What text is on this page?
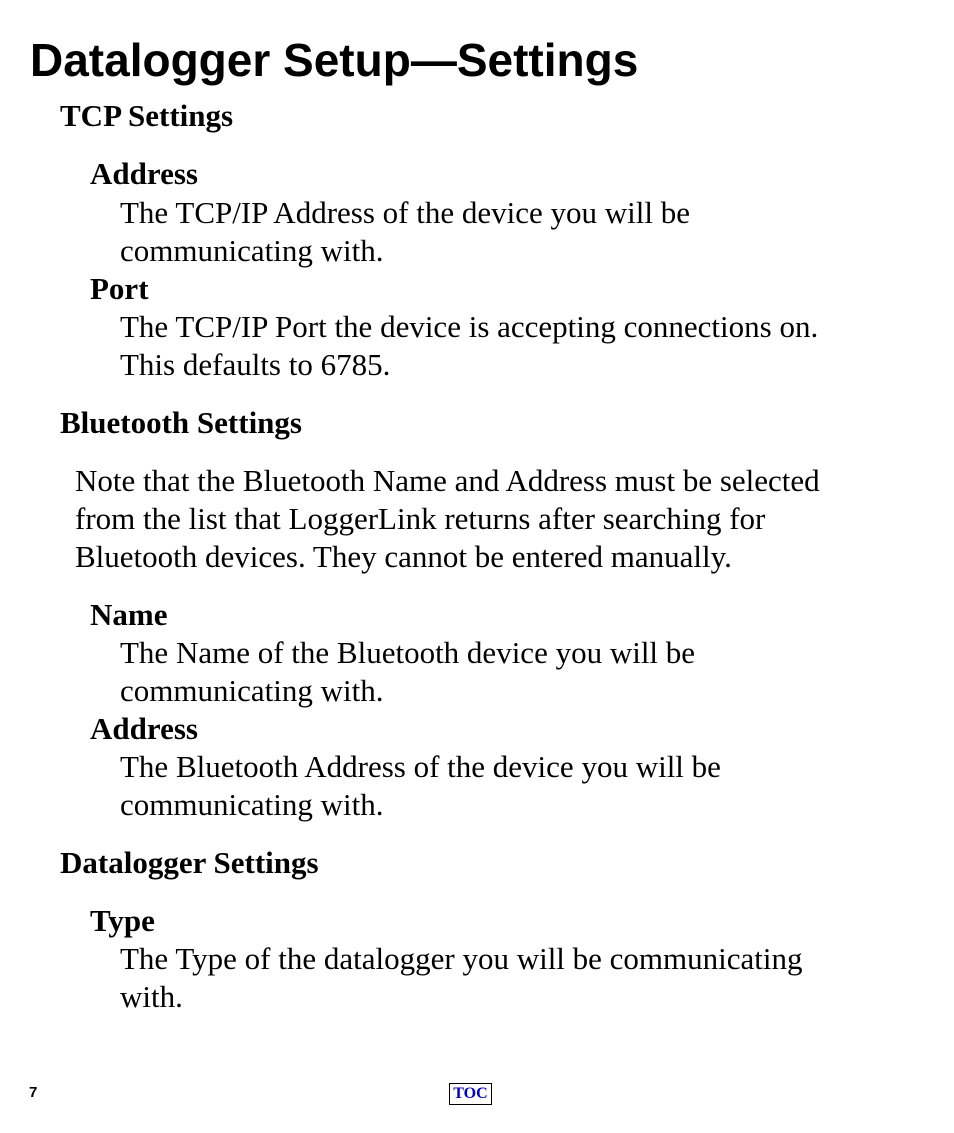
Datalogger Setup—Settings
TCP Settings
Address
The TCP/IP Address of the device you will be
communicating with.
Port
The TCP/IP Port the device is accepting connections on.
This defaults to 6785.
Bluetooth Settings
Note that the Bluetooth Name and Address must be selected
from the list that LoggerLink returns after searching for
Bluetooth devices. They cannot be entered manually.
Name
The Name of the Bluetooth device you will be
communicating with.
Address
The Bluetooth Address of the device you will be
communicating with.
Datalogger Settings
Type
The Type of the datalogger you will be communicating
with.
7	TOC
